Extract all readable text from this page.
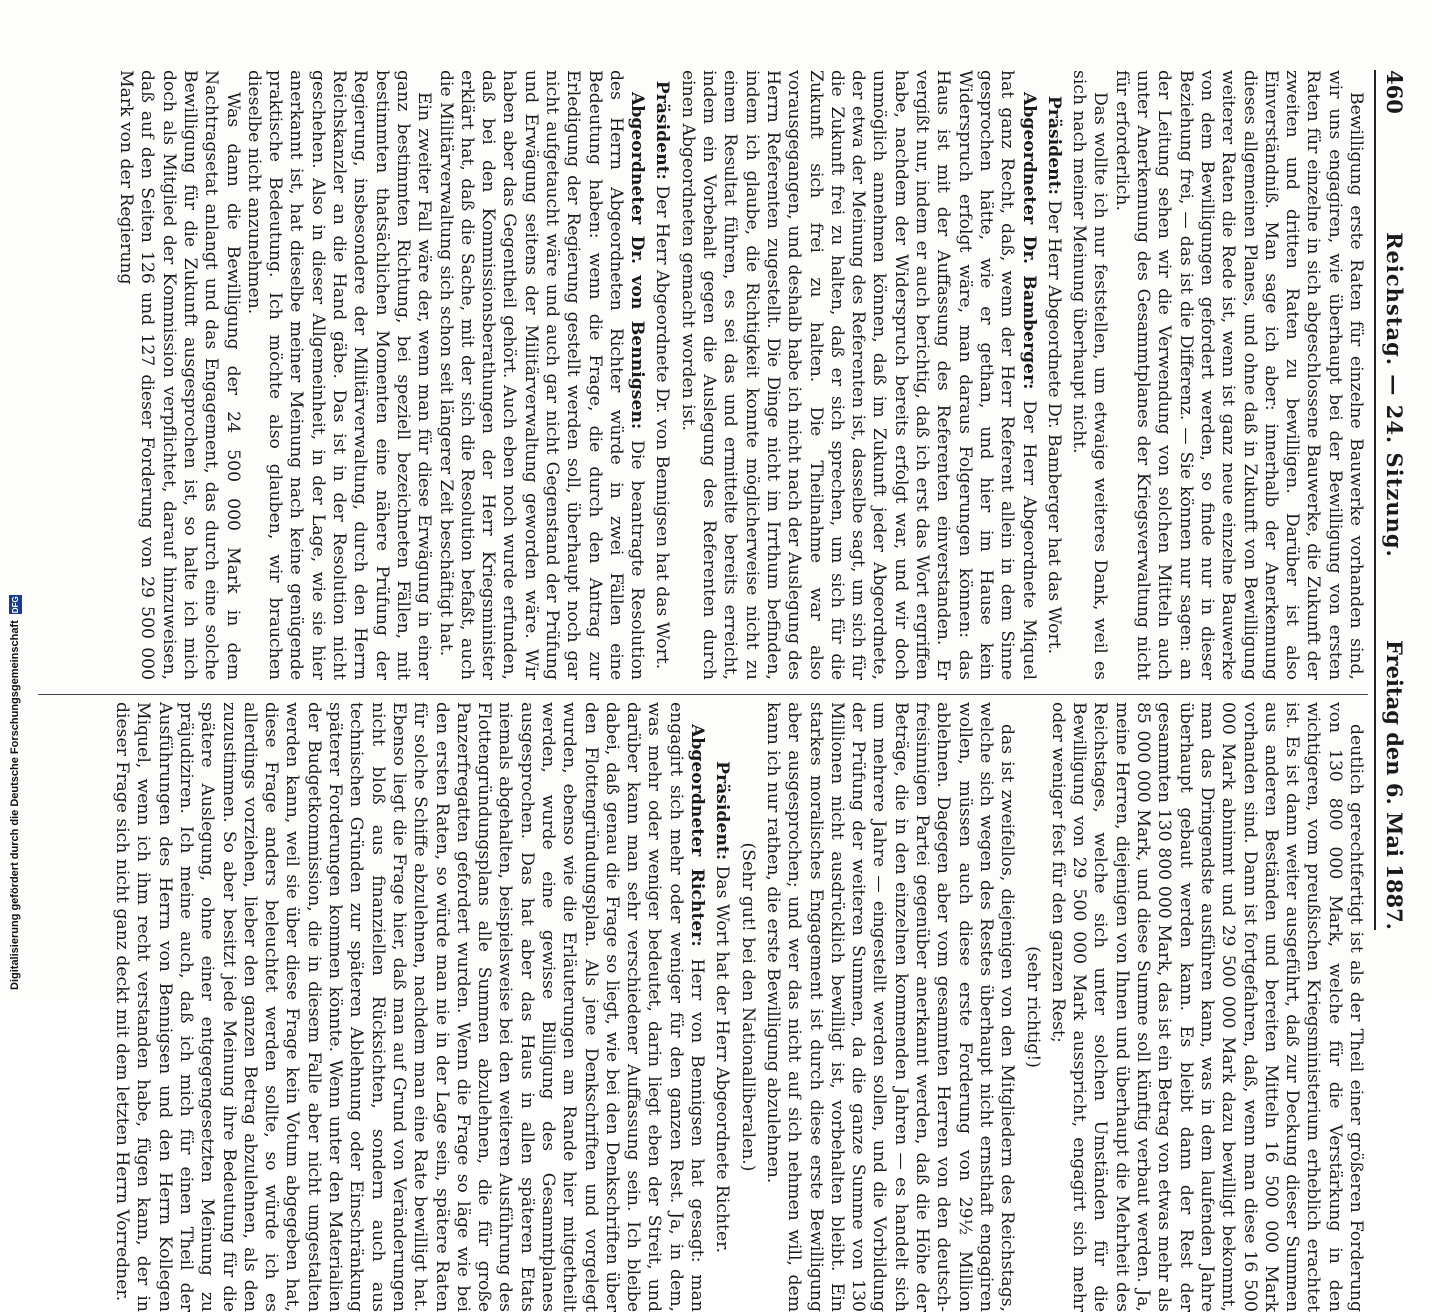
460
Reichstag. — 24. Sitzung.
Freitag den 6. Mai 1887.

Bewilligung erste Raten für einzelne Bauwerke vorhanden sind, wir uns engagiren, wie überhaupt bei der Bewilligung von ersten Raten für einzelne in sich abgeschlossene Bauwerke, die Zukunft der zweiten und dritten Raten zu bewilligen. Darüber ist also Einverständniß. Man sage ich aber: innerhalb der Anerkennung dieses allgemeinen Planes, und ohne daß in Zukunft von Bewilligung weiterer Raten die Rede ist, wenn ist ganz neue einzelne Bauwerke von dem Bewilligungen gefordert werden, so finde nur in dieser Beziehung frei, — das ist die Differenz. — Sie können nur sagen: an der Leitung sehen wir die Verwendung von solchen Mitteln auch unter Anerkennung des Gesammtplanes der Kriegsverwaltung nicht für erforderlich.

Das wollte ich nur feststellen, um etwaige weiteres Dank, weil es sich nach meiner Meinung überhaupt nicht.

Präsident: Der Herr Abgeordnete Dr. Bamberger hat das Wort.

Abgeordneter Dr. Bamberger: Der Herr Abgeordnete Miquel hat ganz Recht, daß, wenn der Herr Referent allein in dem Sinne gesprochen hätte, wie er gethan, und hier im Hause kein Widerspruch erfolgt wäre, man daraus Folgerungen können: das Haus ist mit der Auffassung des Referenten einverstanden. Er vergißt nur, indem er auch berichtig, daß ich erst das Wort ergriffen habe, nachdem der Widerspruch bereits erfolgt war, und wir doch unmöglich annehmen können, daß im Zukunft jeder Abgeordnete, der etwa der Meinung des Referenten ist, dasselbe sagt, um sich für die Zukunft frei zu halten, daß er sich sprechen, um sich für die Zukunft sich frei zu halten. Die Theilnahme war also vorausgegangen, und deshalb habe ich nicht nach der Auslegung des Herrn Referenten zugestellt. Die Dinge nicht im Irrthum befinden, indem ich glaube, die Richtigkeit konnte möglicherweise nicht zu einem Resultat führen, es sei das und ermittelte bereits erreicht, indem ein Vorbehalt gegen die Auslegung des Referenten durch einen Abgeordneten gemacht worden ist.

Präsident: Der Herr Abgeordnete Dr. von Bennigsen hat das Wort.

Abgeordneter Dr. von Bennigsen: Die beantragte Resolution des Herrn Abgeordneten Richter würde in zwei Fällen eine Bedeutung haben: wenn die Frage, die durch den Antrag zur Erledigung der Regierung gestellt werden soll, überhaupt noch gar nicht aufgetaucht wäre und auch gar nicht Gegenstand der Prüfung und Erwägung seitens der Militärverwaltung geworden wäre. Wir haben aber das Gegentheil gehört. Auch eben noch wurde erfunden, daß bei den Kommissionsberathungen der Herr Kriegsminister erklärt hat, daß die Sache, mit der sich die Resolution befaßt, auch die Militärverwaltung sich schon seit längerer Zeit beschäftigt hat.

Ein zweiter Fall wäre der, wenn man für diese Erwägung in einer ganz bestimmten Richtung, bei speziell bezeichneten Fällen, mit bestimmten thatsächlichen Momenten eine nähere Prüfung der Regierung, insbesondere der Militärverwaltung, durch den Herrn Reichskanzler an die Hand gäbe. Das ist in der Resolution nicht geschehen. Also in dieser Allgemeinheit, in der Lage, wie sie hier anerkannt ist, hat dieselbe meiner Meinung nach keine genügende praktische Bedeutung. Ich möchte also glauben, wir brauchen dieselbe nicht anzunehmen.

Was dann die Bewilligung der 24 500 000 Mark in dem Nachtragsetat anlangt und das Engagement, das durch eine solche Bewilligung für die Zukunft ausgesprochen ist, so halte ich mich doch als Mitglied der Kommission verpflichtet, darauf hinzuweisen, daß auf den Seiten 126 und 127 dieser Forderung von 29 500 000 Mark von der Regierung

deutlich gerechtfertigt ist als der Theil einer größeren Forderung von 130 800 000 Mark, welche für die Verstärkung in den wichtigeren, vom preußischen Kriegsministerium erheblich erachtet ist. Es ist dann weiter ausgeführt, daß zur Deckung dieser Summen aus anderen Beständen und bereiten Mitteln 16 500 000 Mark vorhanden sind. Dann ist fortgefahren, daß, wenn man diese 16 500 000 Mark abnimmt und 29 500 000 Mark dazu bewilligt bekommt, man das Dringendste ausführen kann, was in dem laufenden Jahre überhaupt gebaut werden kann. Es bleibt dann der Rest der gesammten 130 800 000 Mark, das ist ein Betrag von etwas mehr als 85 000 000 Mark, und diese Summe soll künftig verbaut werden. Ja, meine Herren, diejenigen von Ihnen und überhaupt die Mehrheit des Reichstages, welche sich unter solchen Umständen für die Bewilligung von 29 500 000 Mark ausspricht, engagirt sich mehr oder weniger fest für den ganzen Rest;

(sehr richtig!)

das ist zweifellos, diejenigen von den Mitgliedern des Reichstags, welche sich wegen des Restes überhaupt nicht ernsthaft engagiren wollen, müssen auch diese erste Forderung von 29½ Million ablehnen. Dagegen aber vom gesammten Herren von den deutsch-freisinnigen Partei gegenüber anerkannt werden, daß die Höhe der Beträge, die in den einzelnen kommenden Jahren — es handelt sich um mehrere Jahre — eingestellt werden sollen, und die Vorbildung der Prüfung der weiteren Summen, da die ganze Summe von 130 Millionen nicht ausdrücklich bewilligt ist, vorbehalten bleibt. Ein starkes moralisches Engagement ist durch diese erste Bewilligung aber ausgesprochen; und wer das nicht auf sich nehmen will, dem kann ich nur rathen, die erste Bewilligung abzulehnen.

(Sehr gut! bei den Nationalliberalen.)

Präsident: Das Wort hat der Herr Abgeordnete Richter.

Abgeordneter Richter: Herr von Bennigsen hat gesagt: man engagirt sich mehr oder weniger für den ganzen Rest. Ja, in dem, was mehr oder weniger bedeutet, darin liegt eben der Streit, und darüber kann man sehr verschiedener Auffassung sein. Ich bleibe dabei, daß genau die Frage so liegt, wie bei den Denkschriften über den Flottengründungsplan. Als jene Denkschriften und vorgelegt wurden, ebenso wie die Erläuterungen am Rande hier mitgetheilt werden, wurde eine gewisse Billigung des Gesammtplanes ausgesprochen. Das hat aber das Haus in allen späteren Etats niemals abgehalten, beispielsweise bei den weiteren Ausführung des Flottengründungsplans alle Summen abzulehnen, die für große Panzerfregatten gefordert wurden. Wenn die Frage so läge wie bei den ersten Raten, so würde man nie in der Lage sein, spätere Raten für solche Schiffe abzulehnen, nachdem man eine Rate bewilligt hat. Ebenso liegt die Frage hier, daß man auf Grund von Veränderungen nicht bloß aus finanziellen Rücksichten, sondern auch aus technischen Gründen zur späteren Ablehnung oder Einschränkung späterer Forderungen kommen könnte. Wenn unter den Materialien der Budgetkommission, die in diesem Falle aber nicht umgestalten werden kann, weil sie über diese Frage kein Votum abgegeben hat, diese Frage anders beleuchtet werden sollte, so würde ich es allerdings vorziehen, lieber den ganzen Betrag abzulehnen, als den zuzustimmen. So aber besitzt jede Meinung ihre Bedeutung für die spätere Auslegung, ohne einer entgegengesetzten Meinung zu präjudiziren. Ich meine auch, daß ich mich für einen Theil der Ausführungen des Herrn von Bennigsen und den Herrn Kollegen Miquel, wenn ich ihm recht verstanden habe, fügen kann, der in dieser Frage sich nicht ganz deckt mit dem letzten Herrn Vorredner.

Digitalisierung gefördert durch die Deutsche Forschungsgemeinschaft
DFG
